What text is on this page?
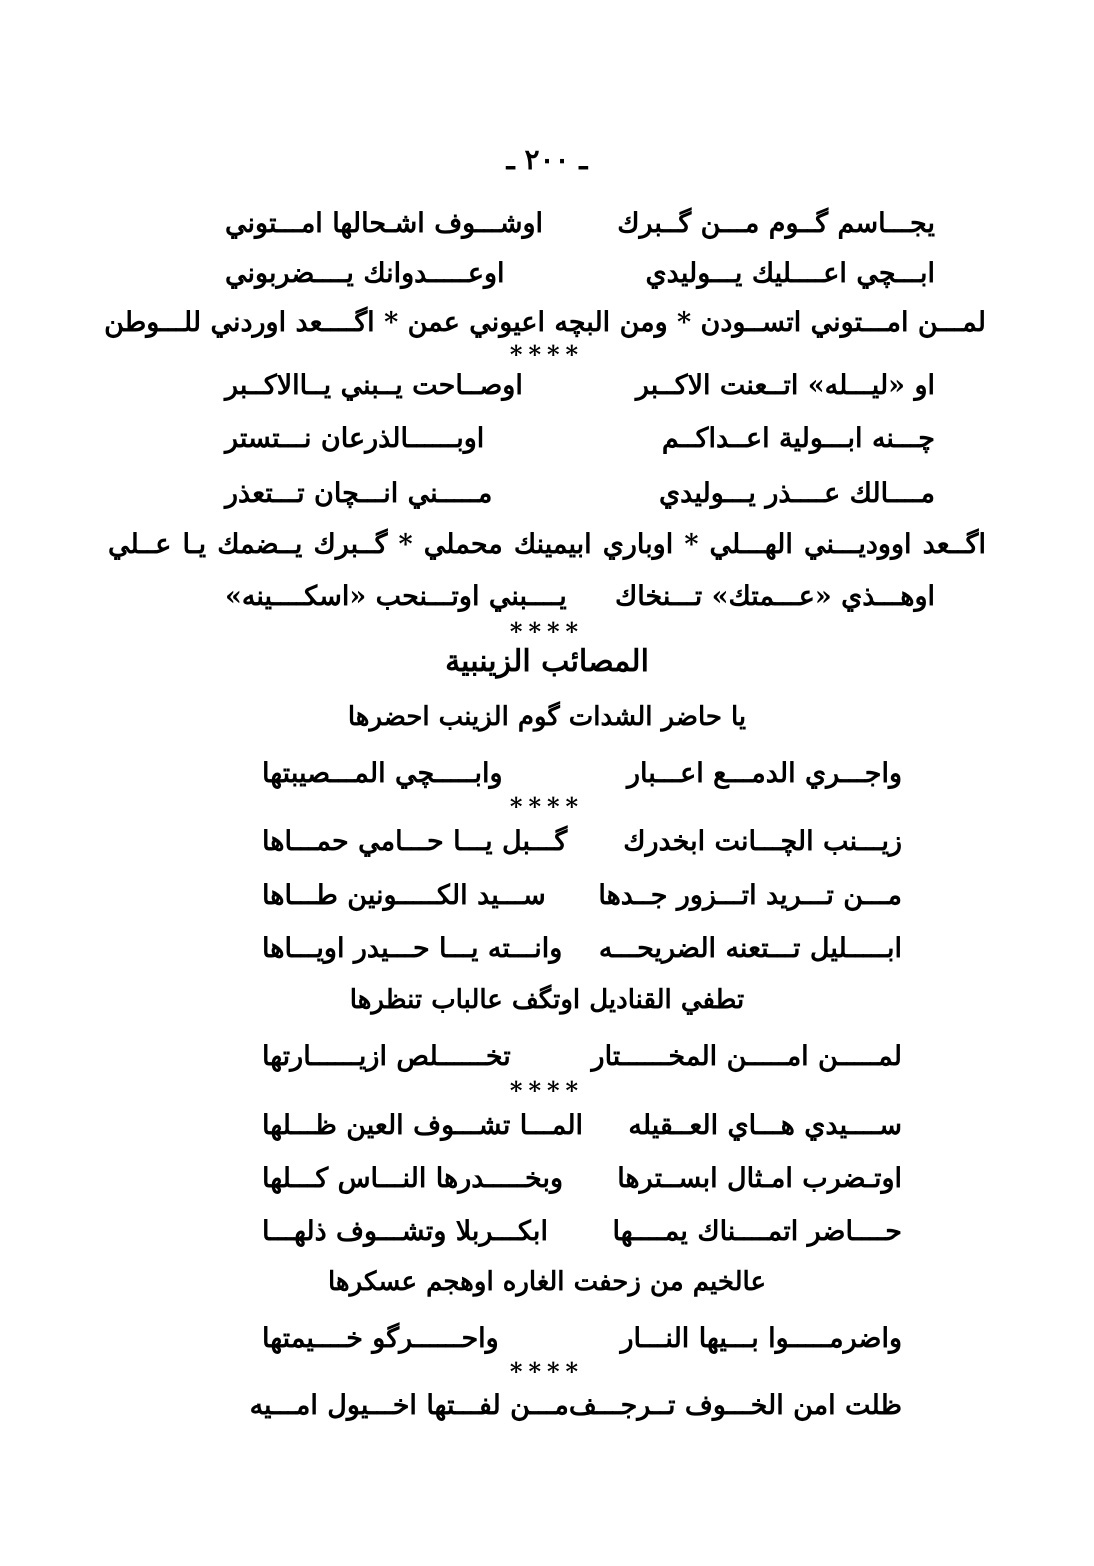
ـ ٢٠٠ ـ
يجـــاسم گــوم مـــن گــبرك
اوشـــوف اشـحالها امـــتوني
ابـــچي اعــــليك يـــوليدي
اوعـــــدوانك يــــضربوني
لمـــن امـــتوني اتســودن * ومن البچه اعيوني عمن * اگــــعد اوردني للـــوطن
****
او «ليـــله» اتــعنت الاكــبر
اوصــاحت يــبني يــاالاكــبر
چـــنه ابـــولية اعــداكــم
اوبــــــالذرعان نـــتستر
مــــالك عــــذر يـــوليدي
مـــــني انـــچان تـــتعذر
اگــعد اووديـــني الهـــلي * اوباري ابيمينك محملي * گــبرك يــضمك يـا عــلي
اوهـــذي «عـــمتك» تـــنخاك
يــــبني اوتـــنحب «اسكــــينه»
****
المصائب الزينبية
يا حاضر الشدات گوم الزينب احضرها
واجـــري الدمـــع اعـــبار
وابـــــچي المـــصيبتها
****
زيـــنب الچـــانت ابخدرك
گـــبل يـــا حـــامي حمـــاها
مـــن تـــريد اتـــزور جــدها
ســـيد الكـــــونين طـــاها
ابـــــليل تـــتعنه الضريحـــه
وانـــته يـــا حـــيدر اويـــاها
تطفي القناديل اوتگف عالباب تنظرها
لمـــــن امـــــن المخــــــتار
تخــــــلص ازيــــــارتها
****
ســــيدي هـــاي العــقيله
المـــا تشـــوف العين ظـــلها
اوتـضرب امـثال ابســترها
وبخـــــدرها النـــاس كـــلها
حــــاضر اتمــــناك يمــــها
ابكـــربلا وتشـــوف ذلهـــا
عالخيم من زحفت الغاره اوهجم عسكرها
واضرمـــــوا بـــيها النـــار
واحــــــرگو خــــيمتها
****
ظلت امن الخـــوف تــرجـــف
مـــن لفـــتها اخـــيول امـــيه
